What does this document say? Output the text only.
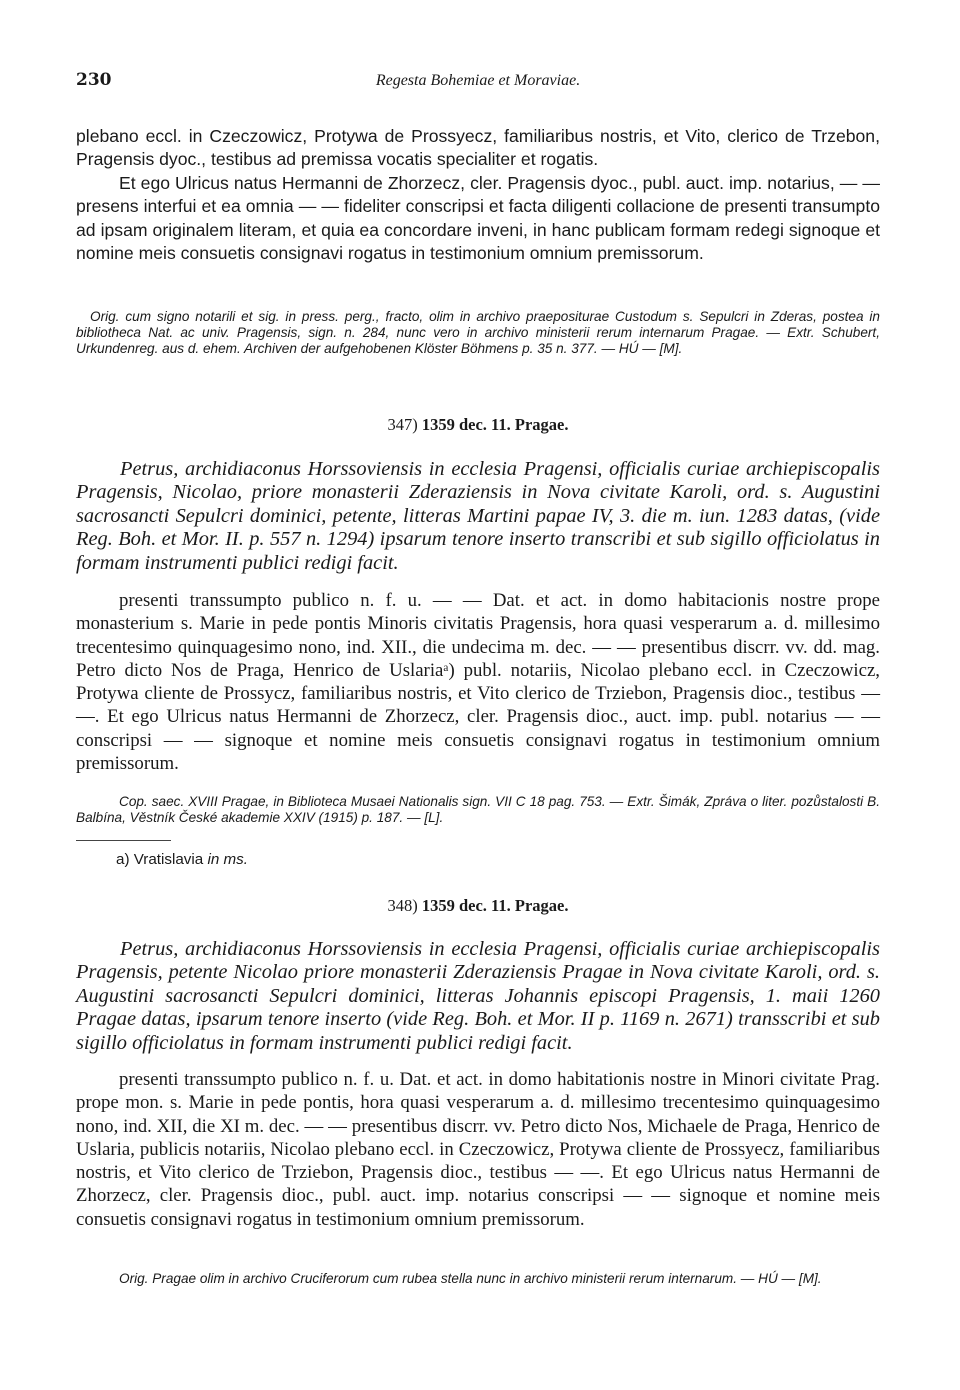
230	Regesta Bohemiae et Moraviae.

plebano eccl. in Czeczowicz, Protywa de Prossyecz, familiaribus nostris, et Vito, clerico de Trzebon, Pragensis dyoc., testibus ad premissa vocatis specialiter et rogatis.

Et ego Ulricus natus Hermanni de Zhorzecz, cler. Pragensis dyoc., publ. auct. imp. notarius, — — presens interfui et ea omnia — — fideliter conscripsi et facta diligenti collacione de presenti transumpto ad ipsam originalem literam, et quia ea concordare inveni, in hanc publicam formam redegi signoque et nomine meis consuetis consignavi rogatus in testimonium omnium premissorum.

Orig. cum signo notarili et sig. in press. perg., fracto, olim in archivo praepositurae Custodum s. Sepulcri in Zderas, postea in bibliotheca Nat. ac univ. Pragensis, sign. n. 284, nunc vero in archivo ministerii rerum internarum Pragae. — Extr. Schubert, Urkundenreg. aus d. ehem. Archiven der aufgehobenen Klöster Böhmens p. 35 n. 377. — HÚ — [M].

347) 1359 dec. 11. Pragae.

Petrus, archidiaconus Horssoviensis in ecclesia Pragensi, officialis curiae archiepiscopalis Pragensis, Nicolao, priore monasterii Zderaziensis in Nova civitate Karoli, ord. s. Augustini sacrosancti Sepulcri dominici, petente, litteras Martini papae IV, 3. die m. iun. 1283 datas, (vide Reg. Boh. et Mor. II. p. 557 n. 1294) ipsarum tenore inserto transcribi et sub sigillo officiolatus in formam instrumenti publici redigi facit.

presenti transsumpto publico n. f. u. — — Dat. et act. in domo habitacionis nostre prope monasterium s. Marie in pede pontis Minoris civitatis Pragensis, hora quasi vesperarum a. d. millesimo trecentesimo quinquagesimo nono, ind. XII., die undecima m. dec. — — presentibus discrr. vv. dd. mag. Petro dicto Nos de Praga, Henrico de Uslariaᵃ) publ. notariis, Nicolao plebano eccl. in Czeczowicz, Protywa cliente de Prossycz, familiaribus nostris, et Vito clerico de Trziebon, Pragensis dioc., testibus — —. Et ego Ulricus natus Hermanni de Zhorzecz, cler. Pragensis dioc., auct. imp. publ. notarius — — conscripsi — — signoque et nomine meis consuetis consignavi rogatus in testimonium omnium premissorum.

Cop. saec. XVIII Pragae, in Biblioteca Musaei Nationalis sign. VII C 18 pag. 753. — Extr. Šimák, Zpráva o liter. pozůstalosti B. Balbína, Věstník České akademie XXIV (1915) p. 187. — [L].

a) Vratislavia in ms.
348) 1359 dec. 11. Pragae.

Petrus, archidiaconus Horssoviensis in ecclesia Pragensi, officialis curiae archiepiscopalis Pragensis, petente Nicolao priore monasterii Zderaziensis Pragae in Nova civitate Karoli, ord. s. Augustini sacrosancti Sepulcri dominici, litteras Johannis episcopi Pragensis, 1. maii 1260 Pragae datas, ipsarum tenore inserto (vide Reg. Boh. et Mor. II p. 1169 n. 2671) transscribi et sub sigillo officiolatus in formam instrumenti publici redigi facit.

presenti transsumpto publico n. f. u. Dat. et act. in domo habitationis nostre in Minori civitate Prag. prope mon. s. Marie in pede pontis, hora quasi vesperarum a. d. millesimo trecentesimo quinquagesimo nono, ind. XII, die XI m. dec. — — presentibus discrr. vv. Petro dicto Nos, Michaele de Praga, Henrico de Uslaria, publicis notariis, Nicolao plebano eccl. in Czeczowicz, Protywa cliente de Prossyecz, familiaribus nostris, et Vito clerico de Trziebon, Pragensis dioc., testibus — —. Et ego Ulricus natus Hermanni de Zhorzecz, cler. Pragensis dioc., publ. auct. imp. notarius conscripsi — — signoque et nomine meis consuetis consignavi rogatus in testimonium omnium premissorum.

Orig. Pragae olim in archivo Cruciferorum cum rubea stella nunc in archivo ministerii rerum internarum. — HÚ — [M].
